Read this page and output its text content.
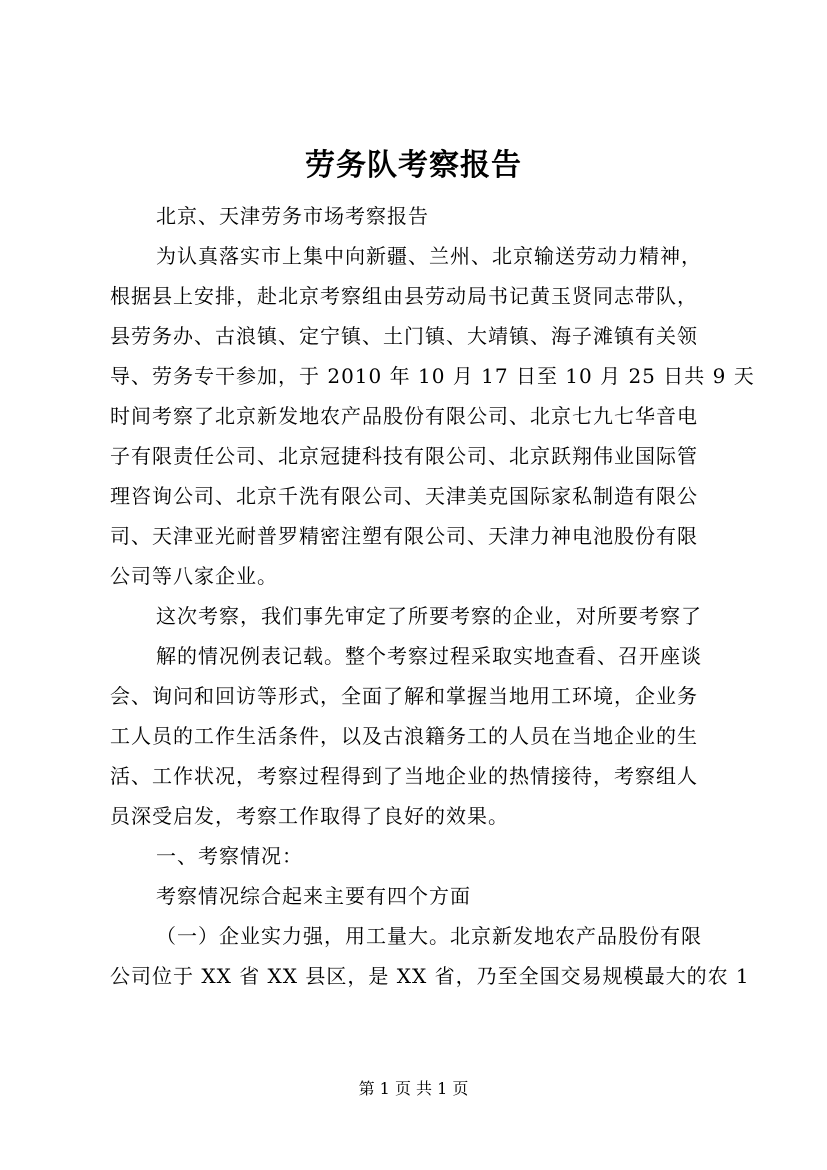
劳务队考察报告
北京、天津劳务市场考察报告
为认真落实市上集中向新疆、兰州、北京输送劳动力精神，
根据县上安排，赴北京考察组由县劳动局书记黄玉贤同志带队，
县劳务办、古浪镇、定宁镇、土门镇、大靖镇、海子滩镇有关领
导、劳务专干参加，于 2010 年 10 月 17 日至 10 月 25 日共 9 天
时间考察了北京新发地农产品股份有限公司、北京七九七华音电
子有限责任公司、北京冠捷科技有限公司、北京跃翔伟业国际管
理咨询公司、北京千洗有限公司、天津美克国际家私制造有限公
司、天津亚光耐普罗精密注塑有限公司、天津力神电池股份有限
公司等八家企业。
这次考察，我们事先审定了所要考察的企业，对所要考察了
解的情况例表记载。整个考察过程采取实地查看、召开座谈
会、询问和回访等形式，全面了解和掌握当地用工环境，企业务
工人员的工作生活条件，以及古浪籍务工的人员在当地企业的生
活、工作状况，考察过程得到了当地企业的热情接待，考察组人
员深受启发，考察工作取得了良好的效果。
一、考察情况：
考察情况综合起来主要有四个方面
（一）企业实力强，用工量大。北京新发地农产品股份有限
公司位于 XX 省 XX 县区，是 XX 省，乃至全国交易规模最大的农 1
第 1 页 共 1 页
